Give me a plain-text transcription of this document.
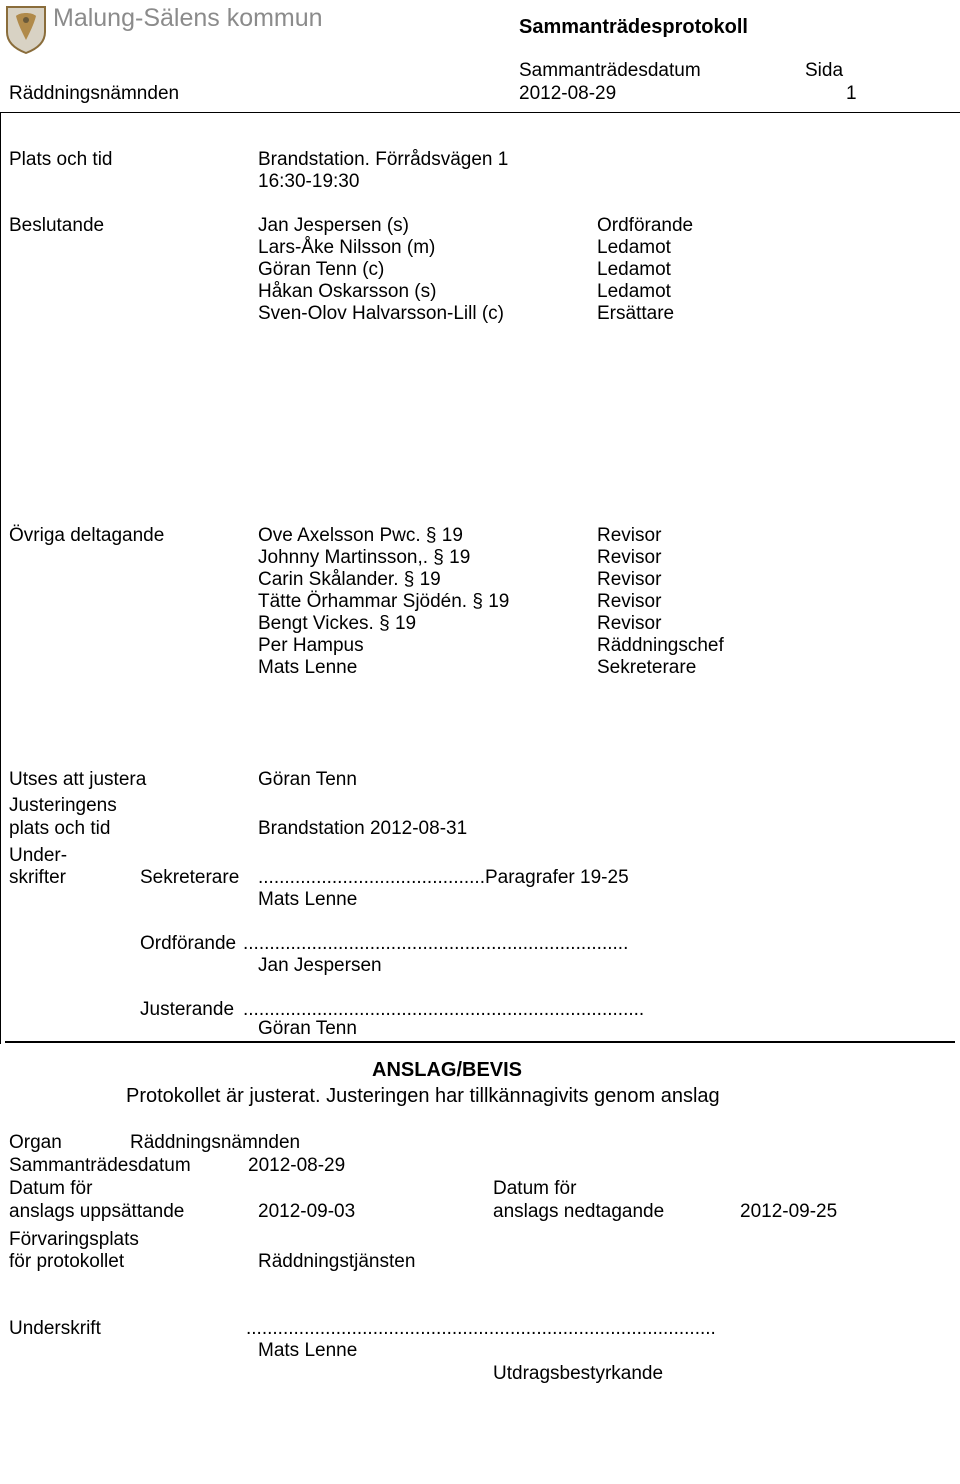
Malung-Sälens kommun	Sammanträdesprotokoll
Sammanträdesdatum	Sida
Räddningsnämnden	2012-08-29	1
Plats och tid	Brandstation. Förrådsvägen 1
16:30-19:30
Beslutande	Jan Jespersen (s)	Ordförande
Lars-Åke Nilsson (m)	Ledamot
Göran Tenn (c)	Ledamot
Håkan Oskarsson (s)	Ledamot
Sven-Olov Halvarsson-Lill (c)	Ersättare
Övriga deltagande	Ove Axelsson Pwc. § 19	Revisor
Johnny Martinsson,. § 19	Revisor
Carin Skålander. § 19	Revisor
Tätte Örhammar Sjödén. § 19	Revisor
Bengt Vickes. § 19	Revisor
Per Hampus	Räddningschef
Mats Lenne	Sekreterare
Utses att justera	Göran Tenn
Justeringens
plats och tid	Brandstation 2012-08-31
Under-
skrifter	Sekreterare ...........................................Paragrafer 19-25
Mats Lenne
Ordförande .........................................................................
Jan Jespersen
Justerande ............................................................................
Göran Tenn
ANSLAG/BEVIS
Protokollet är justerat. Justeringen har tillkännagivits genom anslag
Organ	Räddningsnämnden
Sammanträdesdatum	2012-08-29
Datum för	Datum för
anslags uppsättande	2012-09-03	anslags nedtagande	2012-09-25
Förvaringsplats
för protokollet	Räddningstjänsten
Underskrift	.........................................................................................
Mats Lenne
Utdragsbestyrkande
